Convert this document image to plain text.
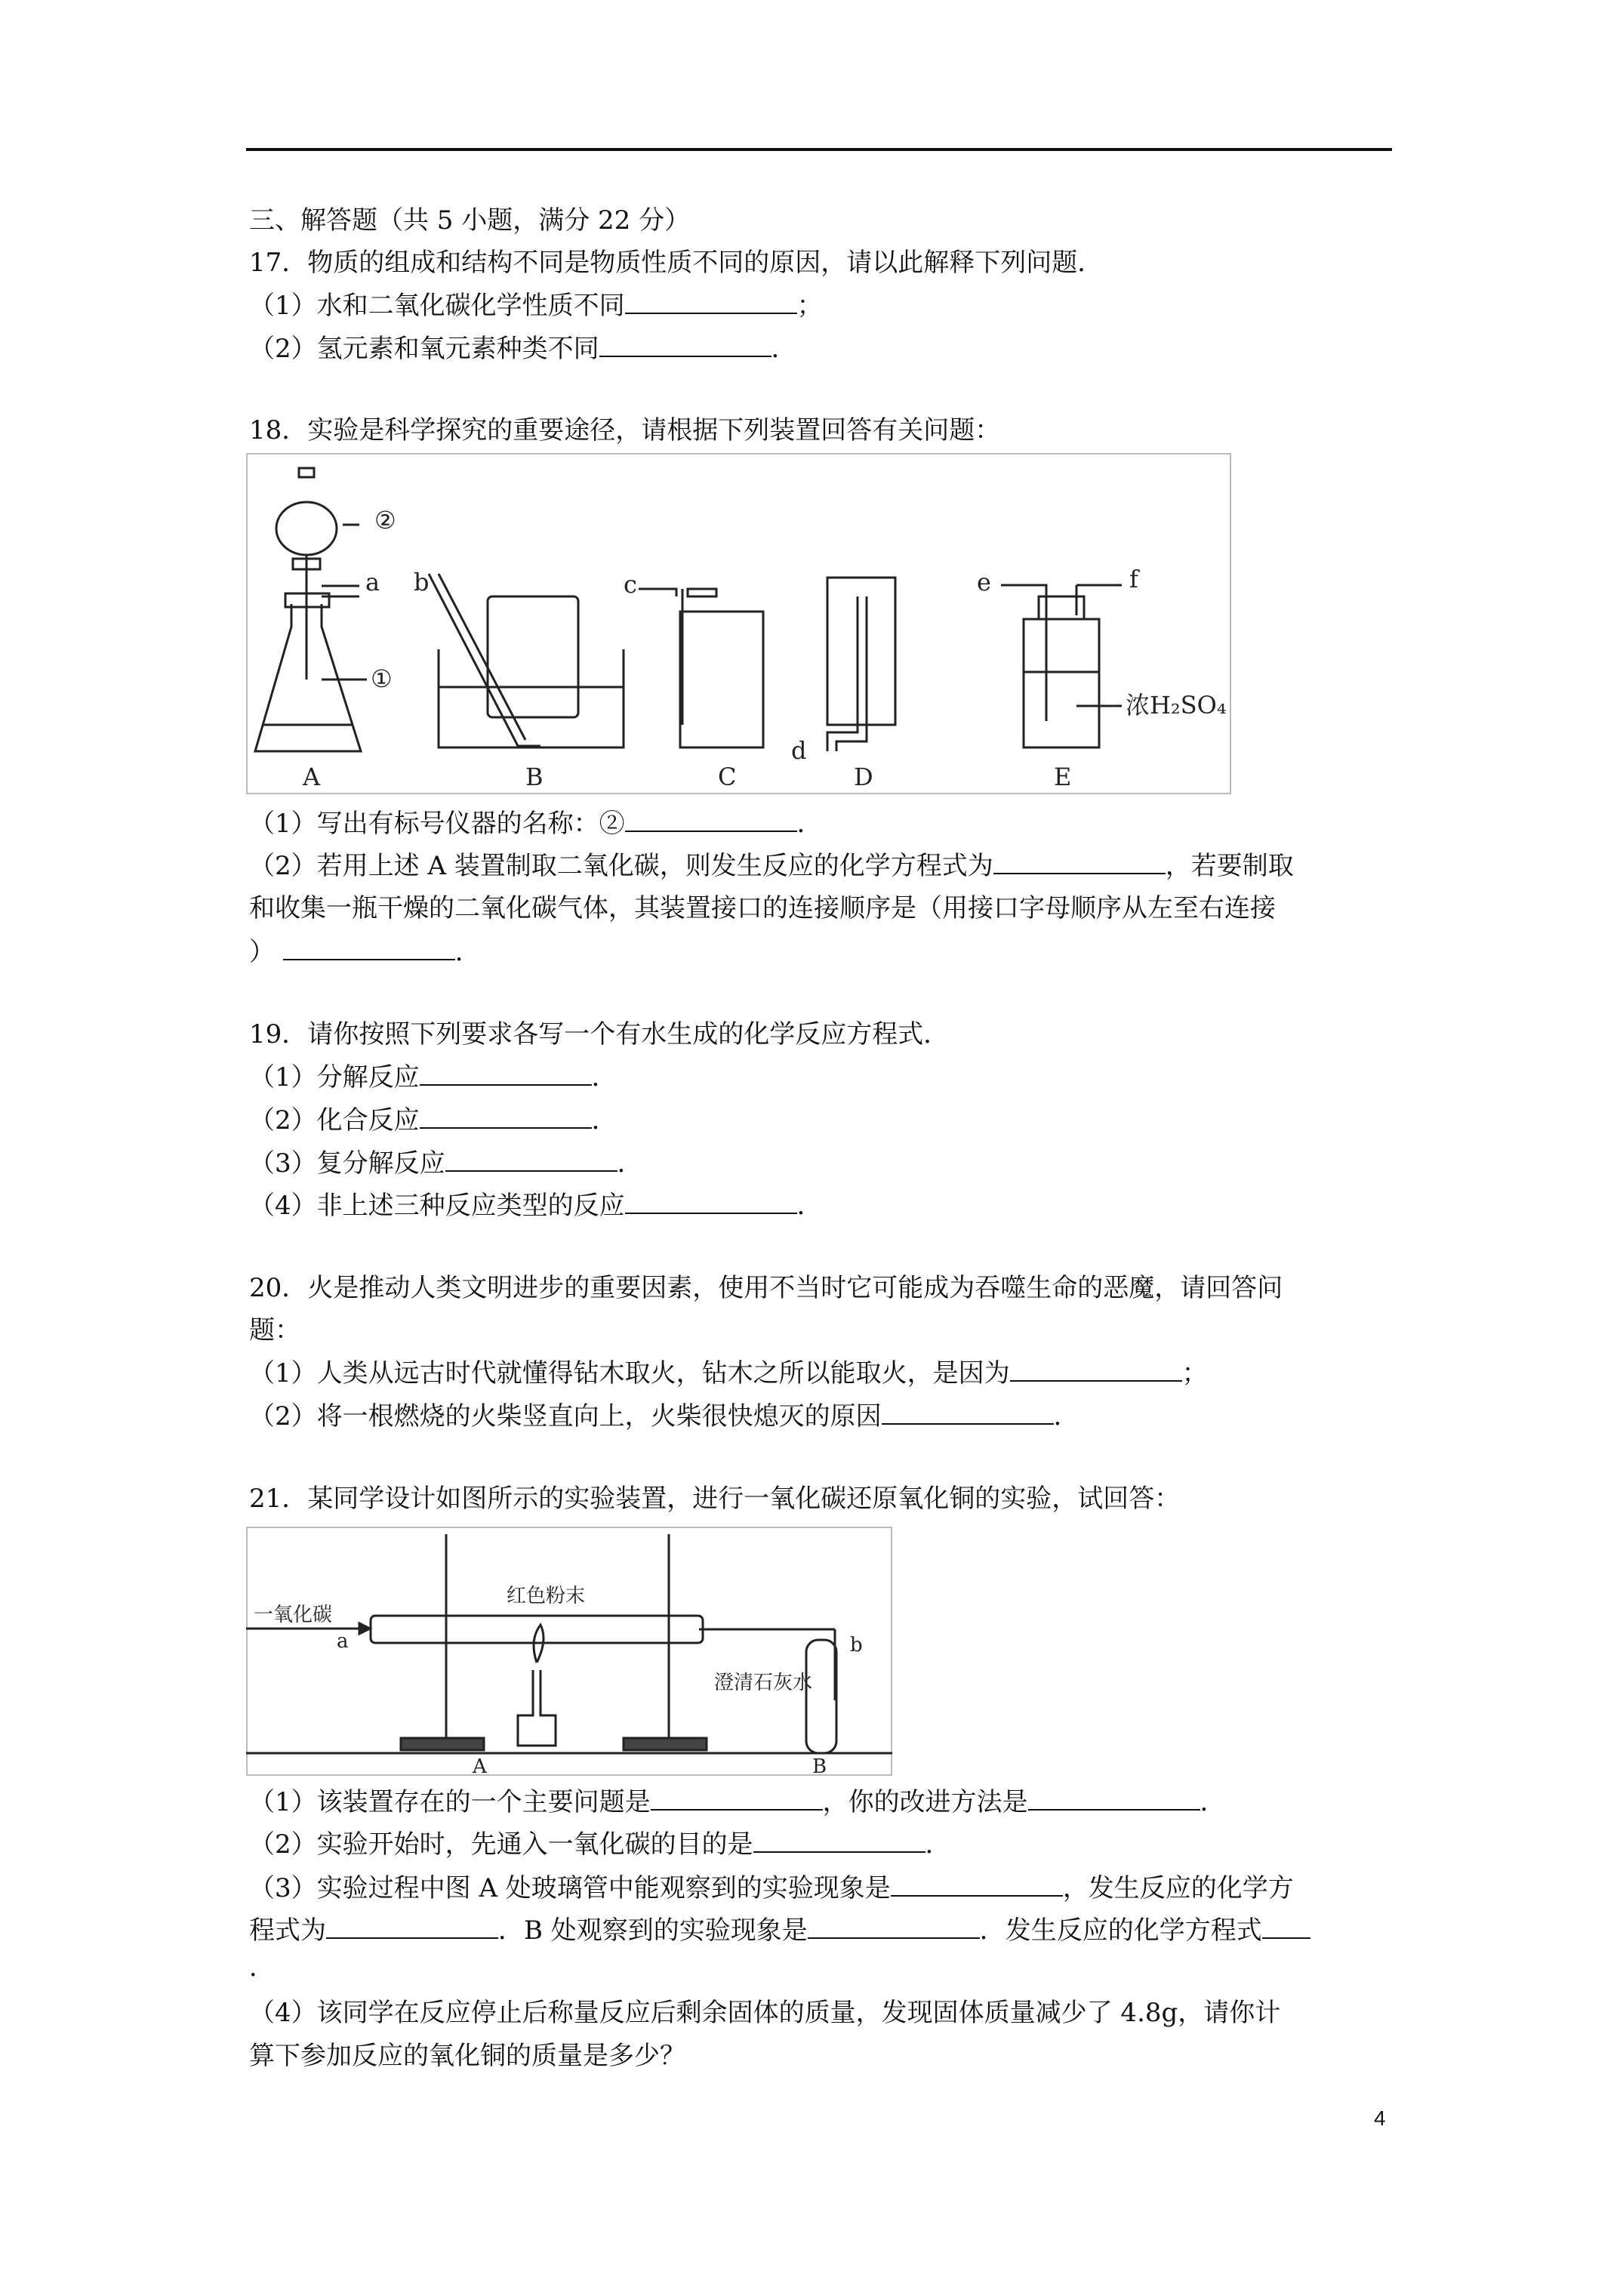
三、解答题（共 5 小题，满分 22 分）
17．物质的组成和结构不同是物质性质不同的原因，请以此解释下列问题．
（1）水和二氧化碳化学性质不同	；
（2）氢元素和氧元素种类不同	．
18．实验是科学探究的重要途径，请根据下列装置回答有关问题：
②
①
a b	c
d
e	f
浓H₂SO₄
A	B	C	D	E
（1）写出有标号仪器的名称：②	．
（2）若用上述 A 装置制取二氧化碳，则发生反应的化学方程式为	，若要制取
和收集一瓶干燥的二氧化碳气体，其装置接口的连接顺序是（用接口字母顺序从左至右连接
）	．
19．请你按照下列要求各写一个有水生成的化学反应方程式．
（1）分解反应	．
（2）化合反应	．
（3）复分解反应	．
（4）非上述三种反应类型的反应	．
20．火是推动人类文明进步的重要因素，使用不当时它可能成为吞噬生命的恶魔，请回答问
题：
（1）人类从远古时代就懂得钻木取火，钻木之所以能取火，是因为	；
（2）将一根燃烧的火柴竖直向上，火柴很快熄灭的原因	．
21．某同学设计如图所示的实验装置，进行一氧化碳还原氧化铜的实验，试回答：
一氧化碳
红色粉末
澄清石灰水
a	b
A	B
（1）该装置存在的一个主要问题是	，你的改进方法是	．
（2）实验开始时，先通入一氧化碳的目的是	．
（3）实验过程中图 A 处玻璃管中能观察到的实验现象是	，发生反应的化学方
程式为	．B 处观察到的实验现象是	．发生反应的化学方程式
．
（4）该同学在反应停止后称量反应后剩余固体的质量，发现固体质量减少了 4.8g，请你计
算下参加反应的氧化铜的质量是多少？
4
